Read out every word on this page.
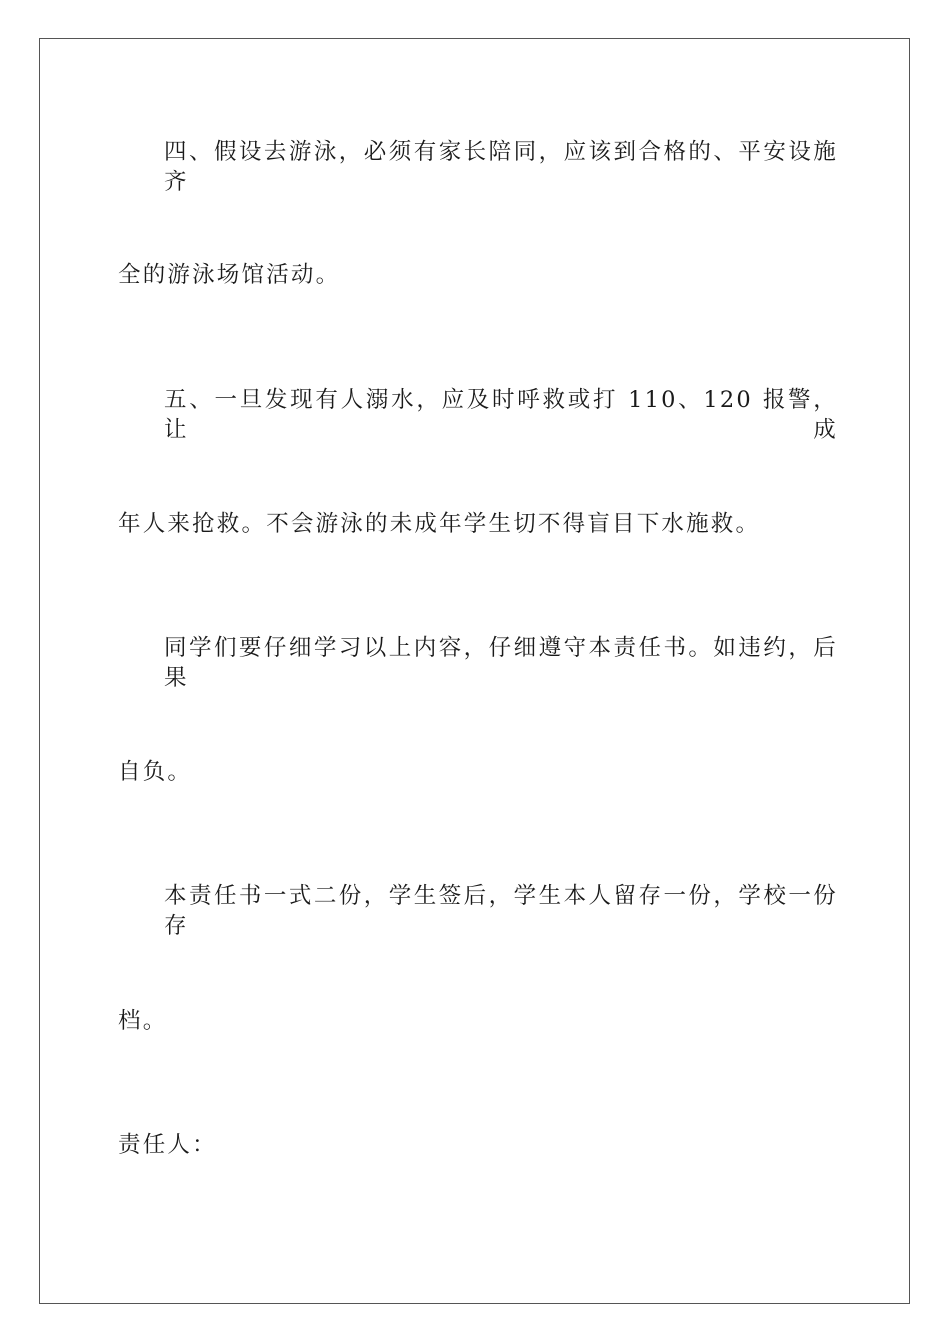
四、假设去游泳，必须有家长陪同，应该到合格的、平安设施齐
全的游泳场馆活动。
五、一旦发现有人溺水，应及时呼救或打 110、120 报警，让成
年人来抢救。不会游泳的未成年学生切不得盲目下水施救。
同学们要仔细学习以上内容，仔细遵守本责任书。如违约，后果
自负。
本责任书一式二份，学生签后，学生本人留存一份，学校一份存
档。
责任人：
